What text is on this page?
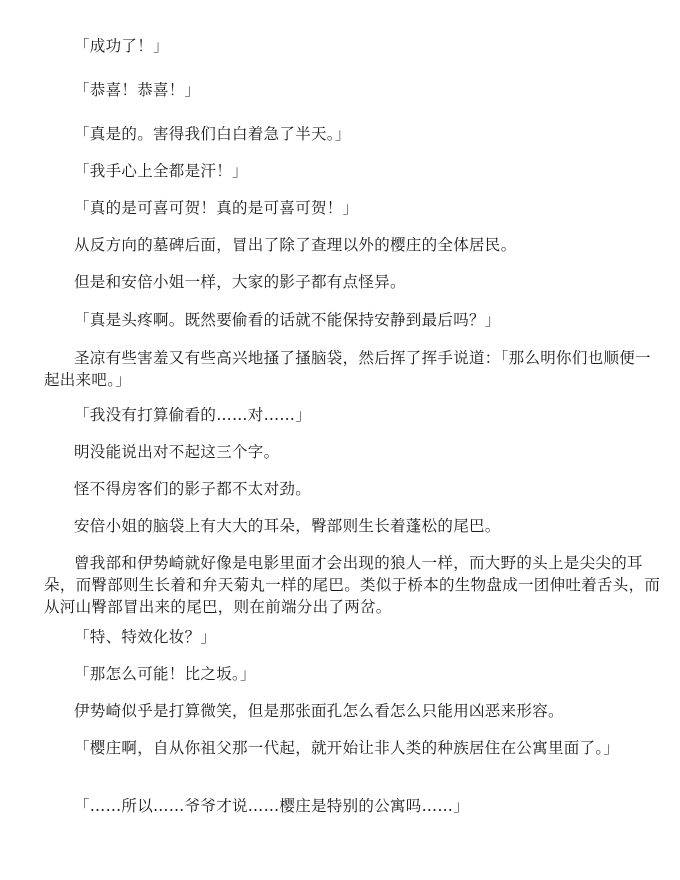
「成功了！」

「恭喜！恭喜！」

「真是的。害得我们白白着急了半天。」

「我手心上全都是汗！」

「真的是可喜可贺！真的是可喜可贺！」

从反方向的墓碑后面，冒出了除了查理以外的樱庄的全体居民。

但是和安倍小姐一样，大家的影子都有点怪异。

「真是头疼啊。既然要偷看的话就不能保持安静到最后吗？」

圣凉有些害羞又有些高兴地搔了搔脑袋，然后挥了挥手说道：「那么明你们也顺便一起出来吧。」

「我没有打算偷看的……对……」

明没能说出对不起这三个字。

怪不得房客们的影子都不太对劲。

安倍小姐的脑袋上有大大的耳朵，臀部则生长着蓬松的尾巴。

曾我部和伊势崎就好像是电影里面才会出现的狼人一样，而大野的头上是尖尖的耳朵，而臀部则生长着和弁天菊丸一样的尾巴。类似于桥本的生物盘成一团伸吐着舌头，而从河山臀部冒出来的尾巴，则在前端分出了两岔。

「特、特效化妆？」

「那怎么可能！比之坂。」

伊势崎似乎是打算微笑，但是那张面孔怎么看怎么只能用凶恶来形容。

「樱庄啊，自从你祖父那一代起，就开始让非人类的种族居住在公寓里面了。」

「……所以……爷爷才说……樱庄是特别的公寓吗……」
